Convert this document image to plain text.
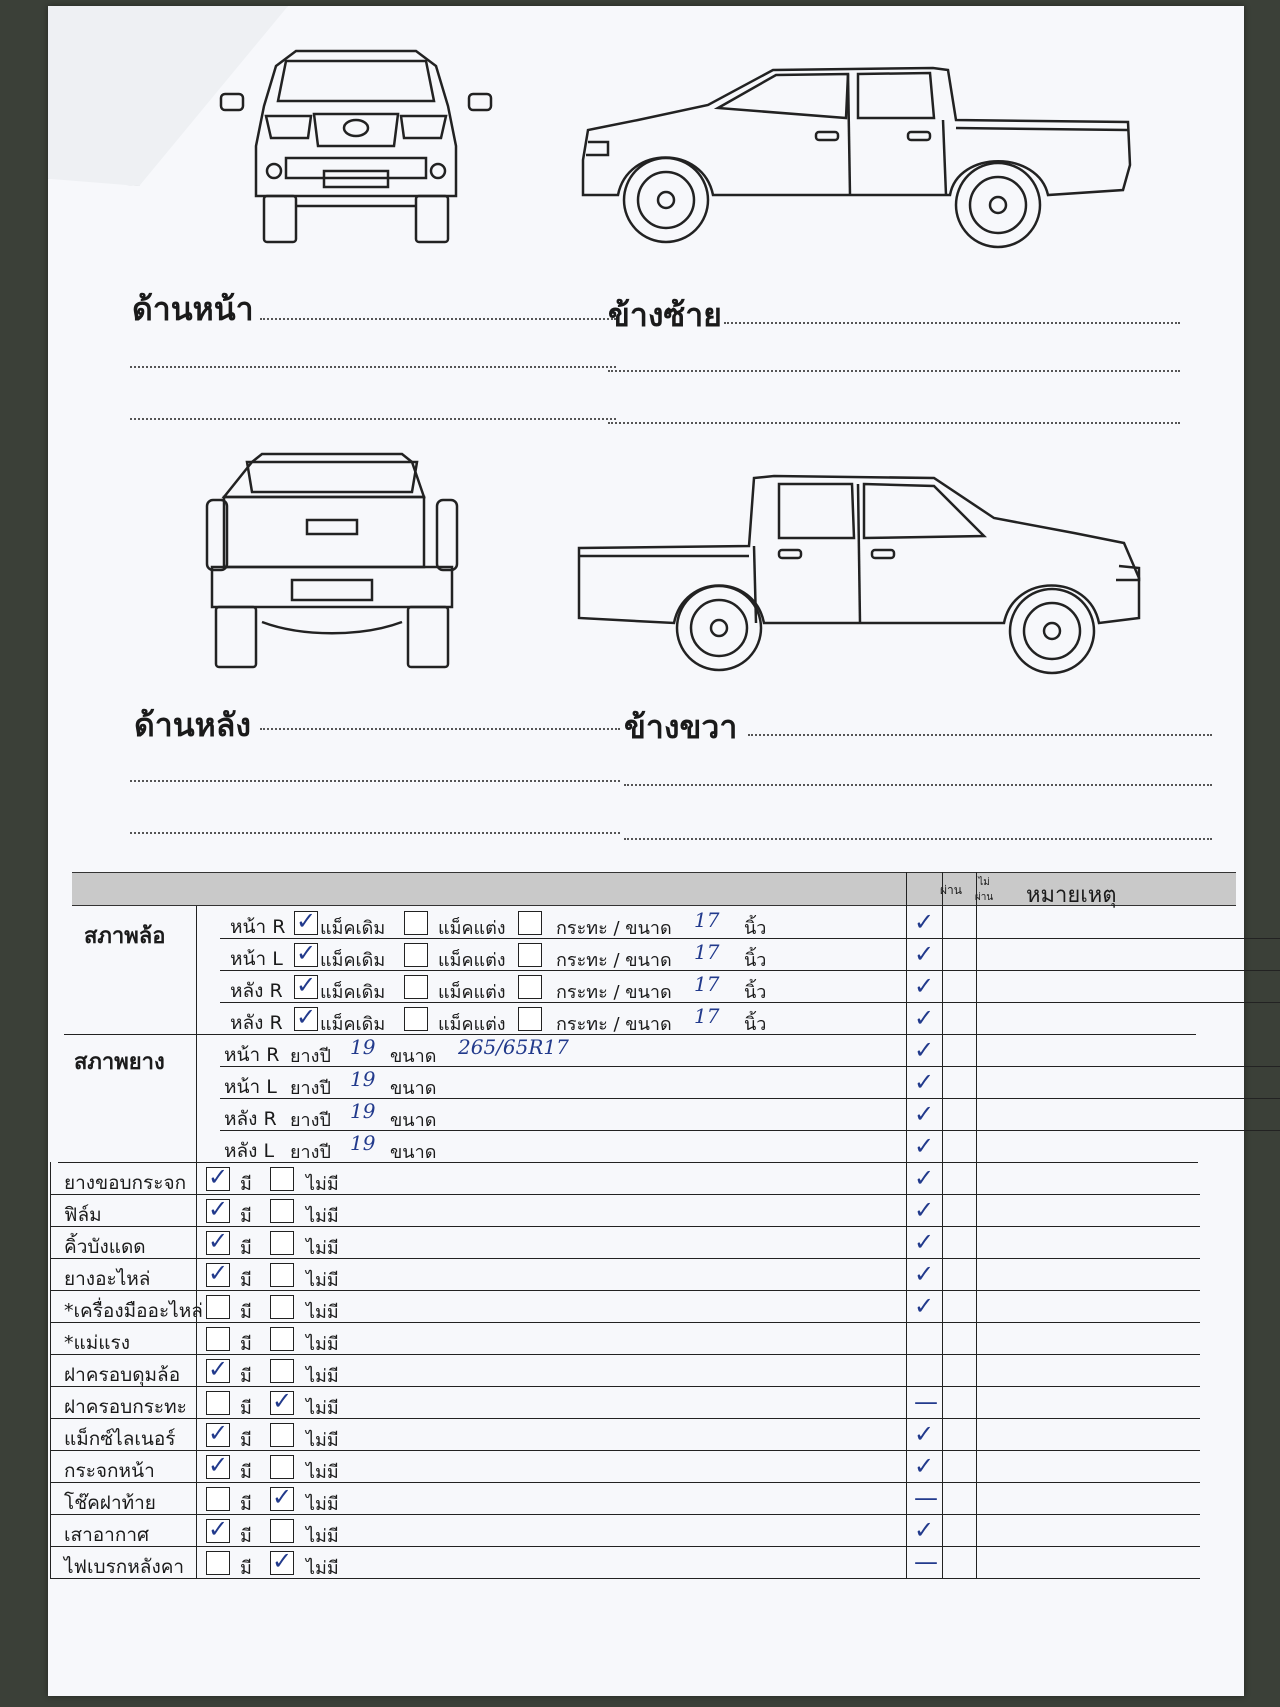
ด้านหน้า	ข้างซ้าย
ด้านหลัง	ข้างขวา
ผ่าน
ไม่ผ่าน หมายเหตุ
สภาพล้อ	หน้า R ✓ แม็คเดิม	แม็คแต่ง	กระทะ / ขนาด 17 นิ้ว	✓
หน้า L ✓ แม็คเดิม	แม็คแต่ง	กระทะ / ขนาด 17 นิ้ว	✓
หลัง R ✓ แม็คเดิม	แม็คแต่ง	กระทะ / ขนาด 17 นิ้ว	✓
หลัง R ✓ แม็คเดิม	แม็คแต่ง	กระทะ / ขนาด 17 นิ้ว	✓
สภาพยาง	หน้า R ยางปี 19 ขนาด 265/65R17	✓
หน้า L ยางปี 19 ขนาด	✓
หลัง R ยางปี 19 ขนาด	✓
หลัง L ยางปี 19 ขนาด	✓
ยางขอบกระจก ✓ มี	ไม่มี	✓
ฟิล์ม	✓ มี	ไม่มี	✓
คิ้วบังแดด	✓ มี	ไม่มี	✓
ยางอะไหล่ ✓ มี	ไม่มี	✓
*เครื่องมืออะไหล่ มี	ไม่มี	✓
*แม่แรง	มี	ไม่มี
ฝาครอบดุมล้อ ✓ มี	ไม่มี
ฝาครอบกระทะ	มี ✓ ไม่มี	—
แม็กซ์ไลเนอร์ ✓ มี	ไม่มี	✓
กระจกหน้า ✓ มี	ไม่มี	✓
โช๊คฝาท้าย	มี ✓ ไม่มี	—
เสาอากาศ ✓ มี	ไม่มี	✓
ไฟเบรกหลังคา	มี ✓ ไม่มี	—
